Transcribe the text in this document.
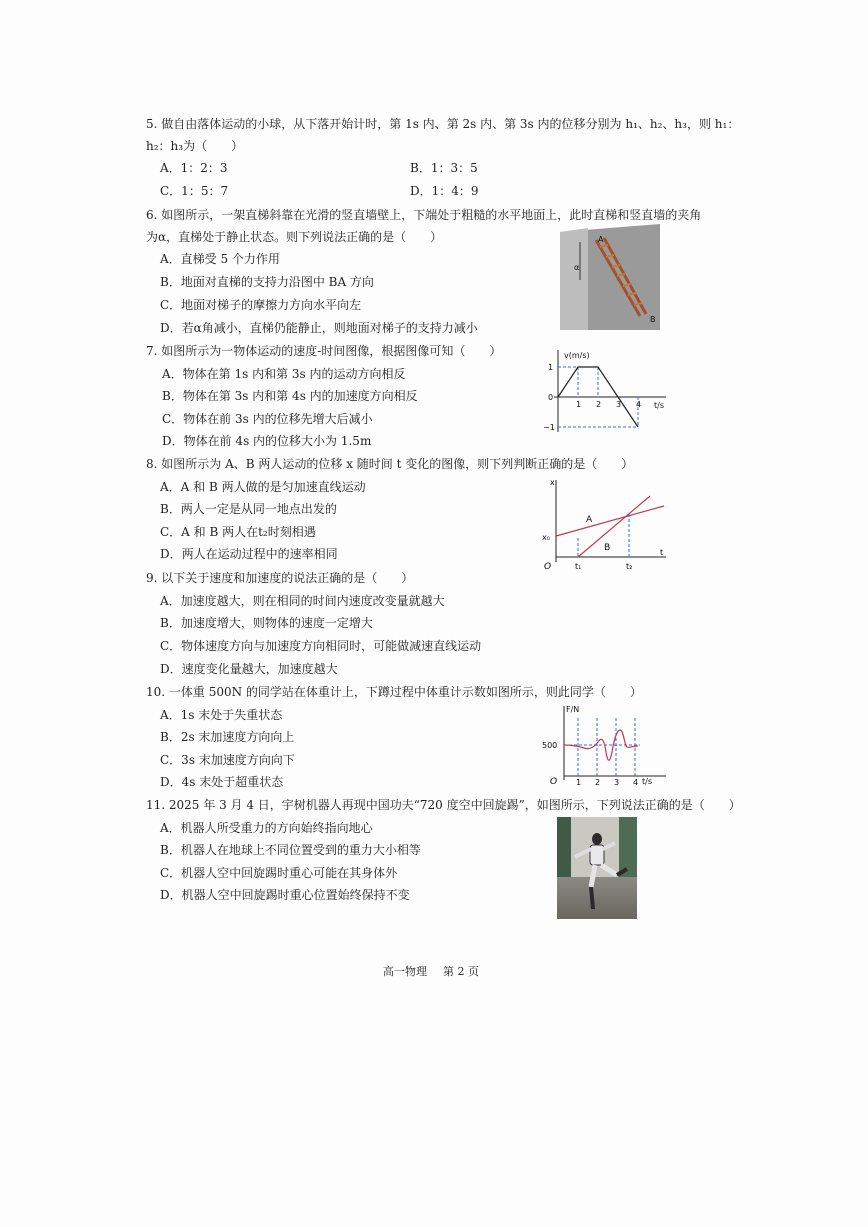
5. 做自由落体运动的小球，从下落开始计时，第 1s 内、第 2s 内、第 3s 内的位移分别为 h₁、h₂、h₃，则 h₁：
h₂：h₃为（　　）
A．1：2：3	B．1：3：5
C．1：5：7	D．1：4：9
6. 如图所示，一架直梯斜靠在光滑的竖直墙壁上，下端处于粗糙的水平地面上，此时直梯和竖直墙的夹角
为α，直梯处于静止状态。则下列说法正确的是（　　）
A．直梯受 5 个力作用
B．地面对直梯的支持力沿图中 BA 方向
C．地面对梯子的摩擦力方向水平向左
D．若α角减小，直梯仍能静止，则地面对梯子的支持力减小
A
B
α
7. 如图所示为一物体运动的速度-时间图像，根据图像可知（　　）
A．物体在第 1s 内和第 3s 内的运动方向相反
B．物体在第 3s 内和第 4s 内的加速度方向相反
C．物体在前 3s 内的位移先增大后减小
D．物体在前 4s 内的位移大小为 1.5m
1 2 3 4
v(m/s)
t/s
1
0
−1
8. 如图所示为 A、B 两人运动的位移 x 随时间 t 变化的图像，则下列判断正确的是（　　）
A．A 和 B 两人做的是匀加速直线运动
B．两人一定是从同一地点出发的
C．A 和 B 两人在t₂时刻相遇
D．两人在运动过程中的速率相同
x
t
A
B
x₀
t₁	t₂
O
9. 以下关于速度和加速度的说法正确的是（　　）
A．加速度越大，则在相同的时间内速度改变量就越大
B．加速度增大，则物体的速度一定增大
C．物体速度方向与加速度方向相同时，可能做减速直线运动
D．速度变化量越大，加速度越大
10. 一体重 500N 的同学站在体重计上，下蹲过程中体重计示数如图所示，则此同学（　　）
A．1s 末处于失重状态
B．2s 末加速度方向向上
C．3s 末加速度方向向下
D．4s 末处于超重状态
F/N
t/s
500
1 2 3 4
O
11. 2025 年 3 月 4 日，宇树机器人再现中国功夫“720 度空中回旋踢”，如图所示，下列说法正确的是（　　）
A．机器人所受重力的方向始终指向地心
B．机器人在地球上不同位置受到的重力大小相等
C．机器人空中回旋踢时重心可能在其身体外
D．机器人空中回旋踢时重心位置始终保持不变
高一物理 第 2 页
